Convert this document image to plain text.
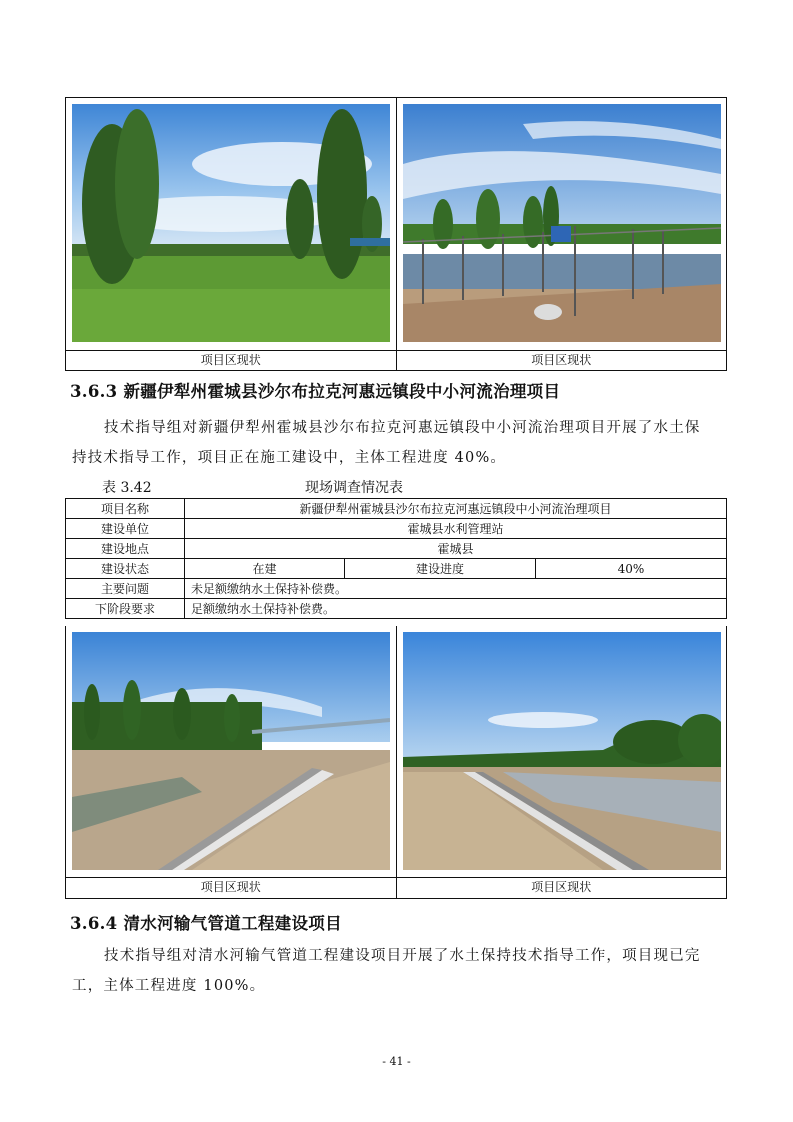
项目区现状	项目区现状
3.6.3 新疆伊犁州霍城县沙尔布拉克河惠远镇段中小河流治理项目
技术指导组对新疆伊犁州霍城县沙尔布拉克河惠远镇段中小河流治理项目开展了水土保
持技术指导工作，项目正在施工建设中，主体工程进度 40%。
表 3.42	现场调查情况表
项目名称	新疆伊犁州霍城县沙尔布拉克河惠远镇段中小河流治理项目		
建设单位	霍城县水利管理站		
建设地点	霍城县		
建设状态	在建	建设进度	40%
主要问题	未足额缴纳水土保持补偿费。		
下阶段要求	足额缴纳水土保持补偿费。		
项目区现状	项目区现状
3.6.4 清水河输气管道工程建设项目
技术指导组对清水河输气管道工程建设项目开展了水土保持技术指导工作，项目现已完
工，主体工程进度 100%。
- 41 -
